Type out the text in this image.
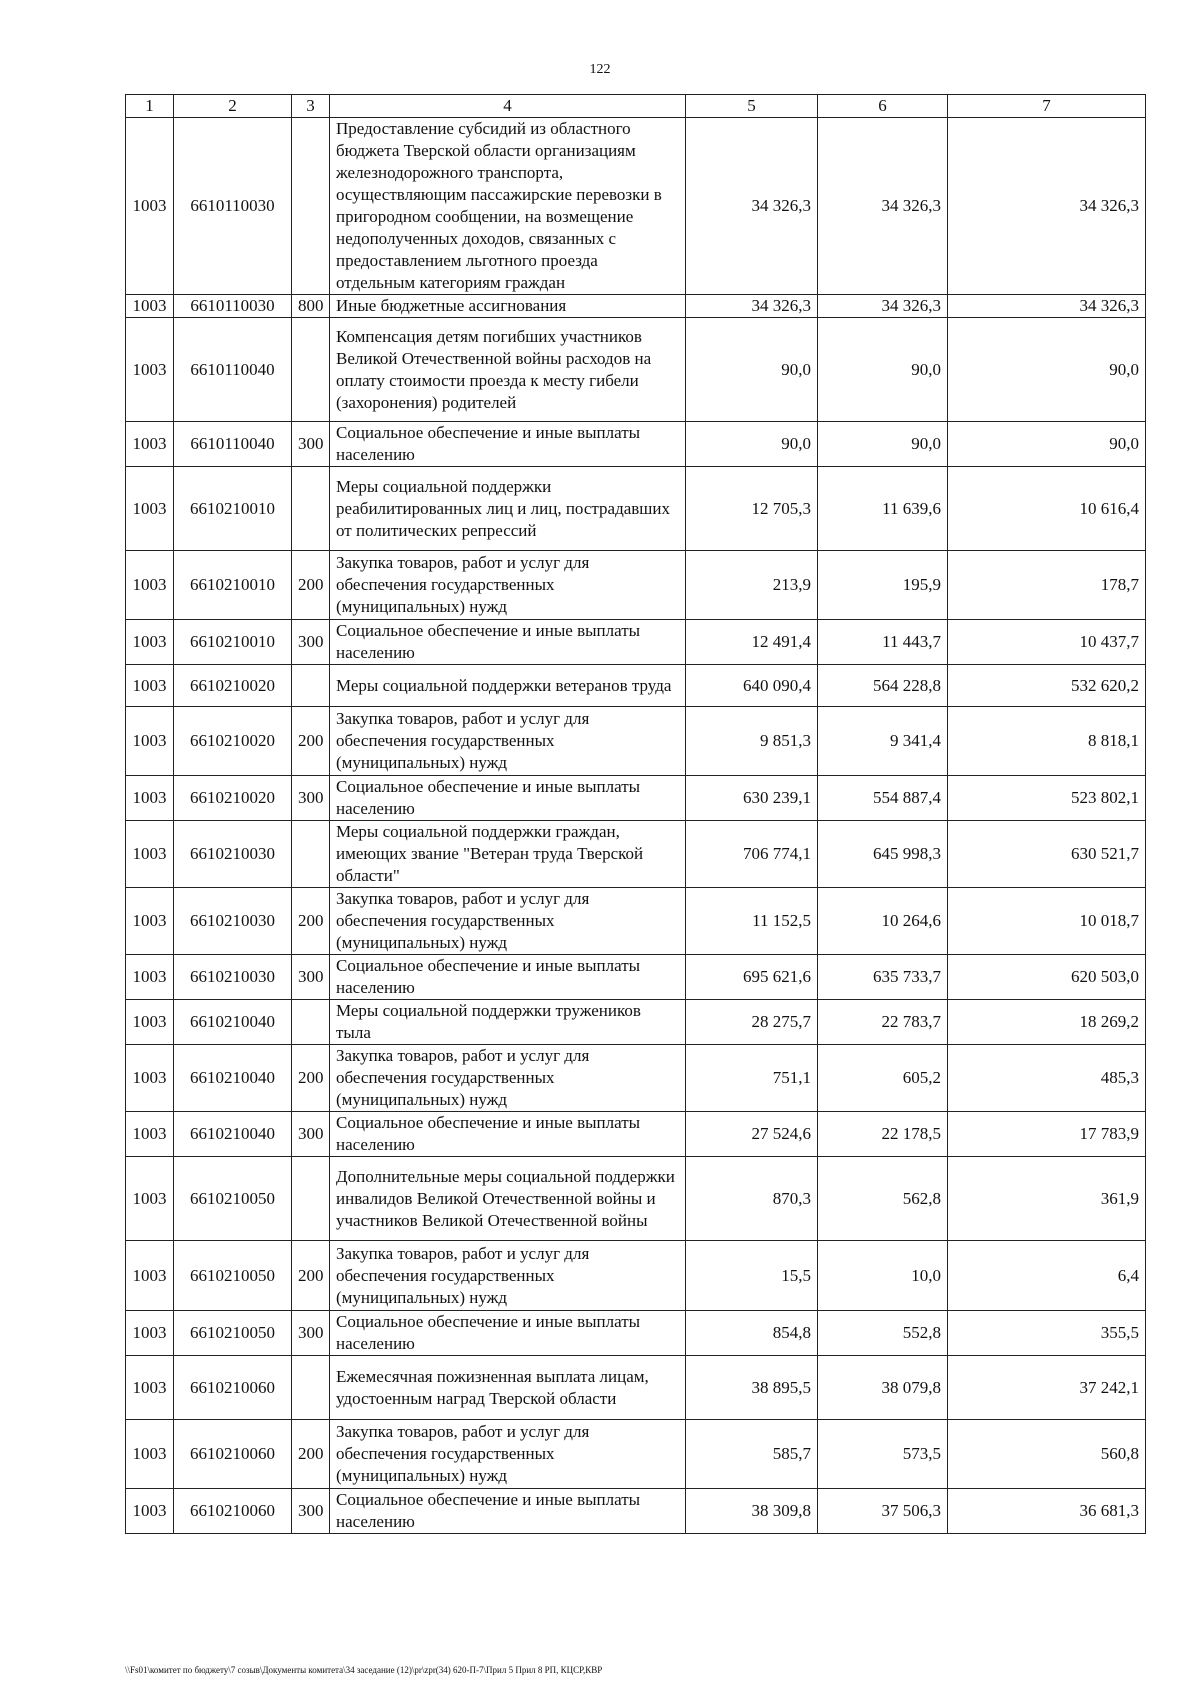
122
1	2	3	4	5	6	7
1003	6610110030		Предоставление субсидий из областного бюджета Тверской области организациям железнодорожного транспорта, осуществляющим пассажирские перевозки в пригородном сообщении, на возмещение недополученных доходов, связанных с предоставлением льготного проезда отдельным категориям граждан	34 326,3	34 326,3	34 326,3
1003	6610110030	800	Иные бюджетные ассигнования	34 326,3	34 326,3	34 326,3
1003	6610110040		Компенсация детям погибших участников Великой Отечественной войны расходов на оплату стоимости проезда к месту гибели (захоронения) родителей	90,0	90,0	90,0
1003	6610110040	300	Социальное обеспечение и иные выплаты населению	90,0	90,0	90,0
1003	6610210010		Меры социальной поддержки реабилитированных лиц и лиц, пострадавших от политических репрессий	12 705,3	11 639,6	10 616,4
1003	6610210010	200	Закупка товаров, работ и услуг для обеспечения государственных (муниципальных) нужд	213,9	195,9	178,7
1003	6610210010	300	Социальное обеспечение и иные выплаты населению	12 491,4	11 443,7	10 437,7
1003	6610210020		Меры социальной поддержки ветеранов труда	640 090,4	564 228,8	532 620,2
1003	6610210020	200	Закупка товаров, работ и услуг для обеспечения государственных (муниципальных) нужд	9 851,3	9 341,4	8 818,1
1003	6610210020	300	Социальное обеспечение и иные выплаты населению	630 239,1	554 887,4	523 802,1
1003	6610210030		Меры социальной поддержки граждан, имеющих звание "Ветеран труда Тверской области"	706 774,1	645 998,3	630 521,7
1003	6610210030	200	Закупка товаров, работ и услуг для обеспечения государственных (муниципальных) нужд	11 152,5	10 264,6	10 018,7
1003	6610210030	300	Социальное обеспечение и иные выплаты населению	695 621,6	635 733,7	620 503,0
1003	6610210040		Меры социальной поддержки тружеников тыла	28 275,7	22 783,7	18 269,2
1003	6610210040	200	Закупка товаров, работ и услуг для обеспечения государственных (муниципальных) нужд	751,1	605,2	485,3
1003	6610210040	300	Социальное обеспечение и иные выплаты населению	27 524,6	22 178,5	17 783,9
1003	6610210050		Дополнительные меры социальной поддержки инвалидов Великой Отечественной войны и участников Великой Отечественной войны	870,3	562,8	361,9
1003	6610210050	200	Закупка товаров, работ и услуг для обеспечения государственных (муниципальных) нужд	15,5	10,0	6,4
1003	6610210050	300	Социальное обеспечение и иные выплаты населению	854,8	552,8	355,5
1003	6610210060		Ежемесячная пожизненная выплата лицам, удостоенным наград Тверской области	38 895,5	38 079,8	37 242,1
1003	6610210060	200	Закупка товаров, работ и услуг для обеспечения государственных (муниципальных) нужд	585,7	573,5	560,8
1003	6610210060	300	Социальное обеспечение и иные выплаты населению	38 309,8	37 506,3	36 681,3
\\Fs01\комитет по бюджету\7 созыв\Документы комитета\34 заседание (12)\pr\zpr(34) 620-П-7\Прил 5 Прил 8 РП, КЦСР,КВР
